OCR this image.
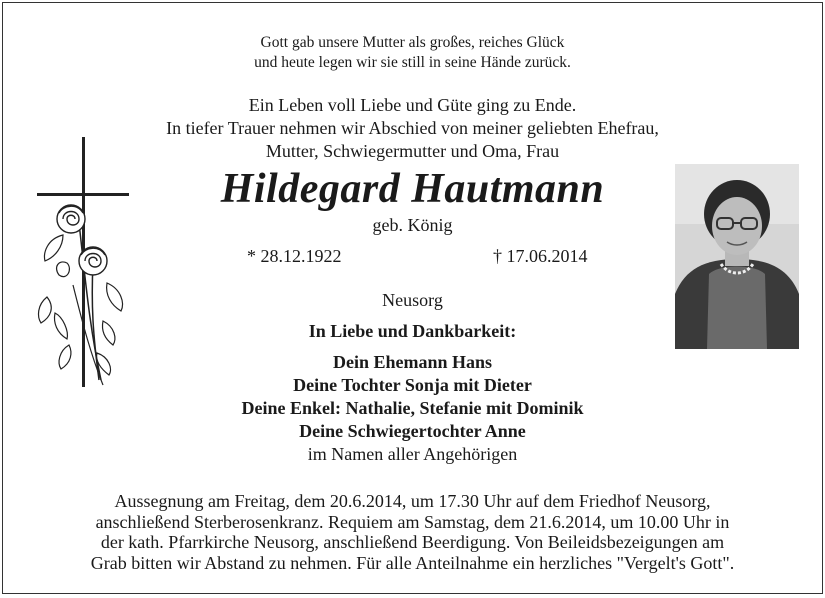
Gott gab unsere Mutter als großes, reiches Glück
und heute legen wir sie still in seine Hände zurück.
Ein Leben voll Liebe und Güte ging zu Ende.
In tiefer Trauer nehmen wir Abschied von meiner geliebten Ehefrau,
Mutter, Schwiegermutter und Oma, Frau
Hildegard Hautmann
geb. König
* 28.12.1922	† 17.06.2014
Neusorg
In Liebe und Dankbarkeit:
Dein Ehemann Hans
Deine Tochter Sonja mit Dieter
Deine Enkel: Nathalie, Stefanie mit Dominik
Deine Schwiegertochter Anne
im Namen aller Angehörigen
Aussegnung am Freitag, dem 20.6.2014, um 17.30 Uhr auf dem Friedhof Neusorg,
anschließend Sterberosenkranz. Requiem am Samstag, dem 21.6.2014, um 10.00 Uhr in
der kath. Pfarrkirche Neusorg, anschließend Beerdigung. Von Beileidsbezeigungen am
Grab bitten wir Abstand zu nehmen. Für alle Anteilnahme ein herzliches "Vergelt's Gott".
